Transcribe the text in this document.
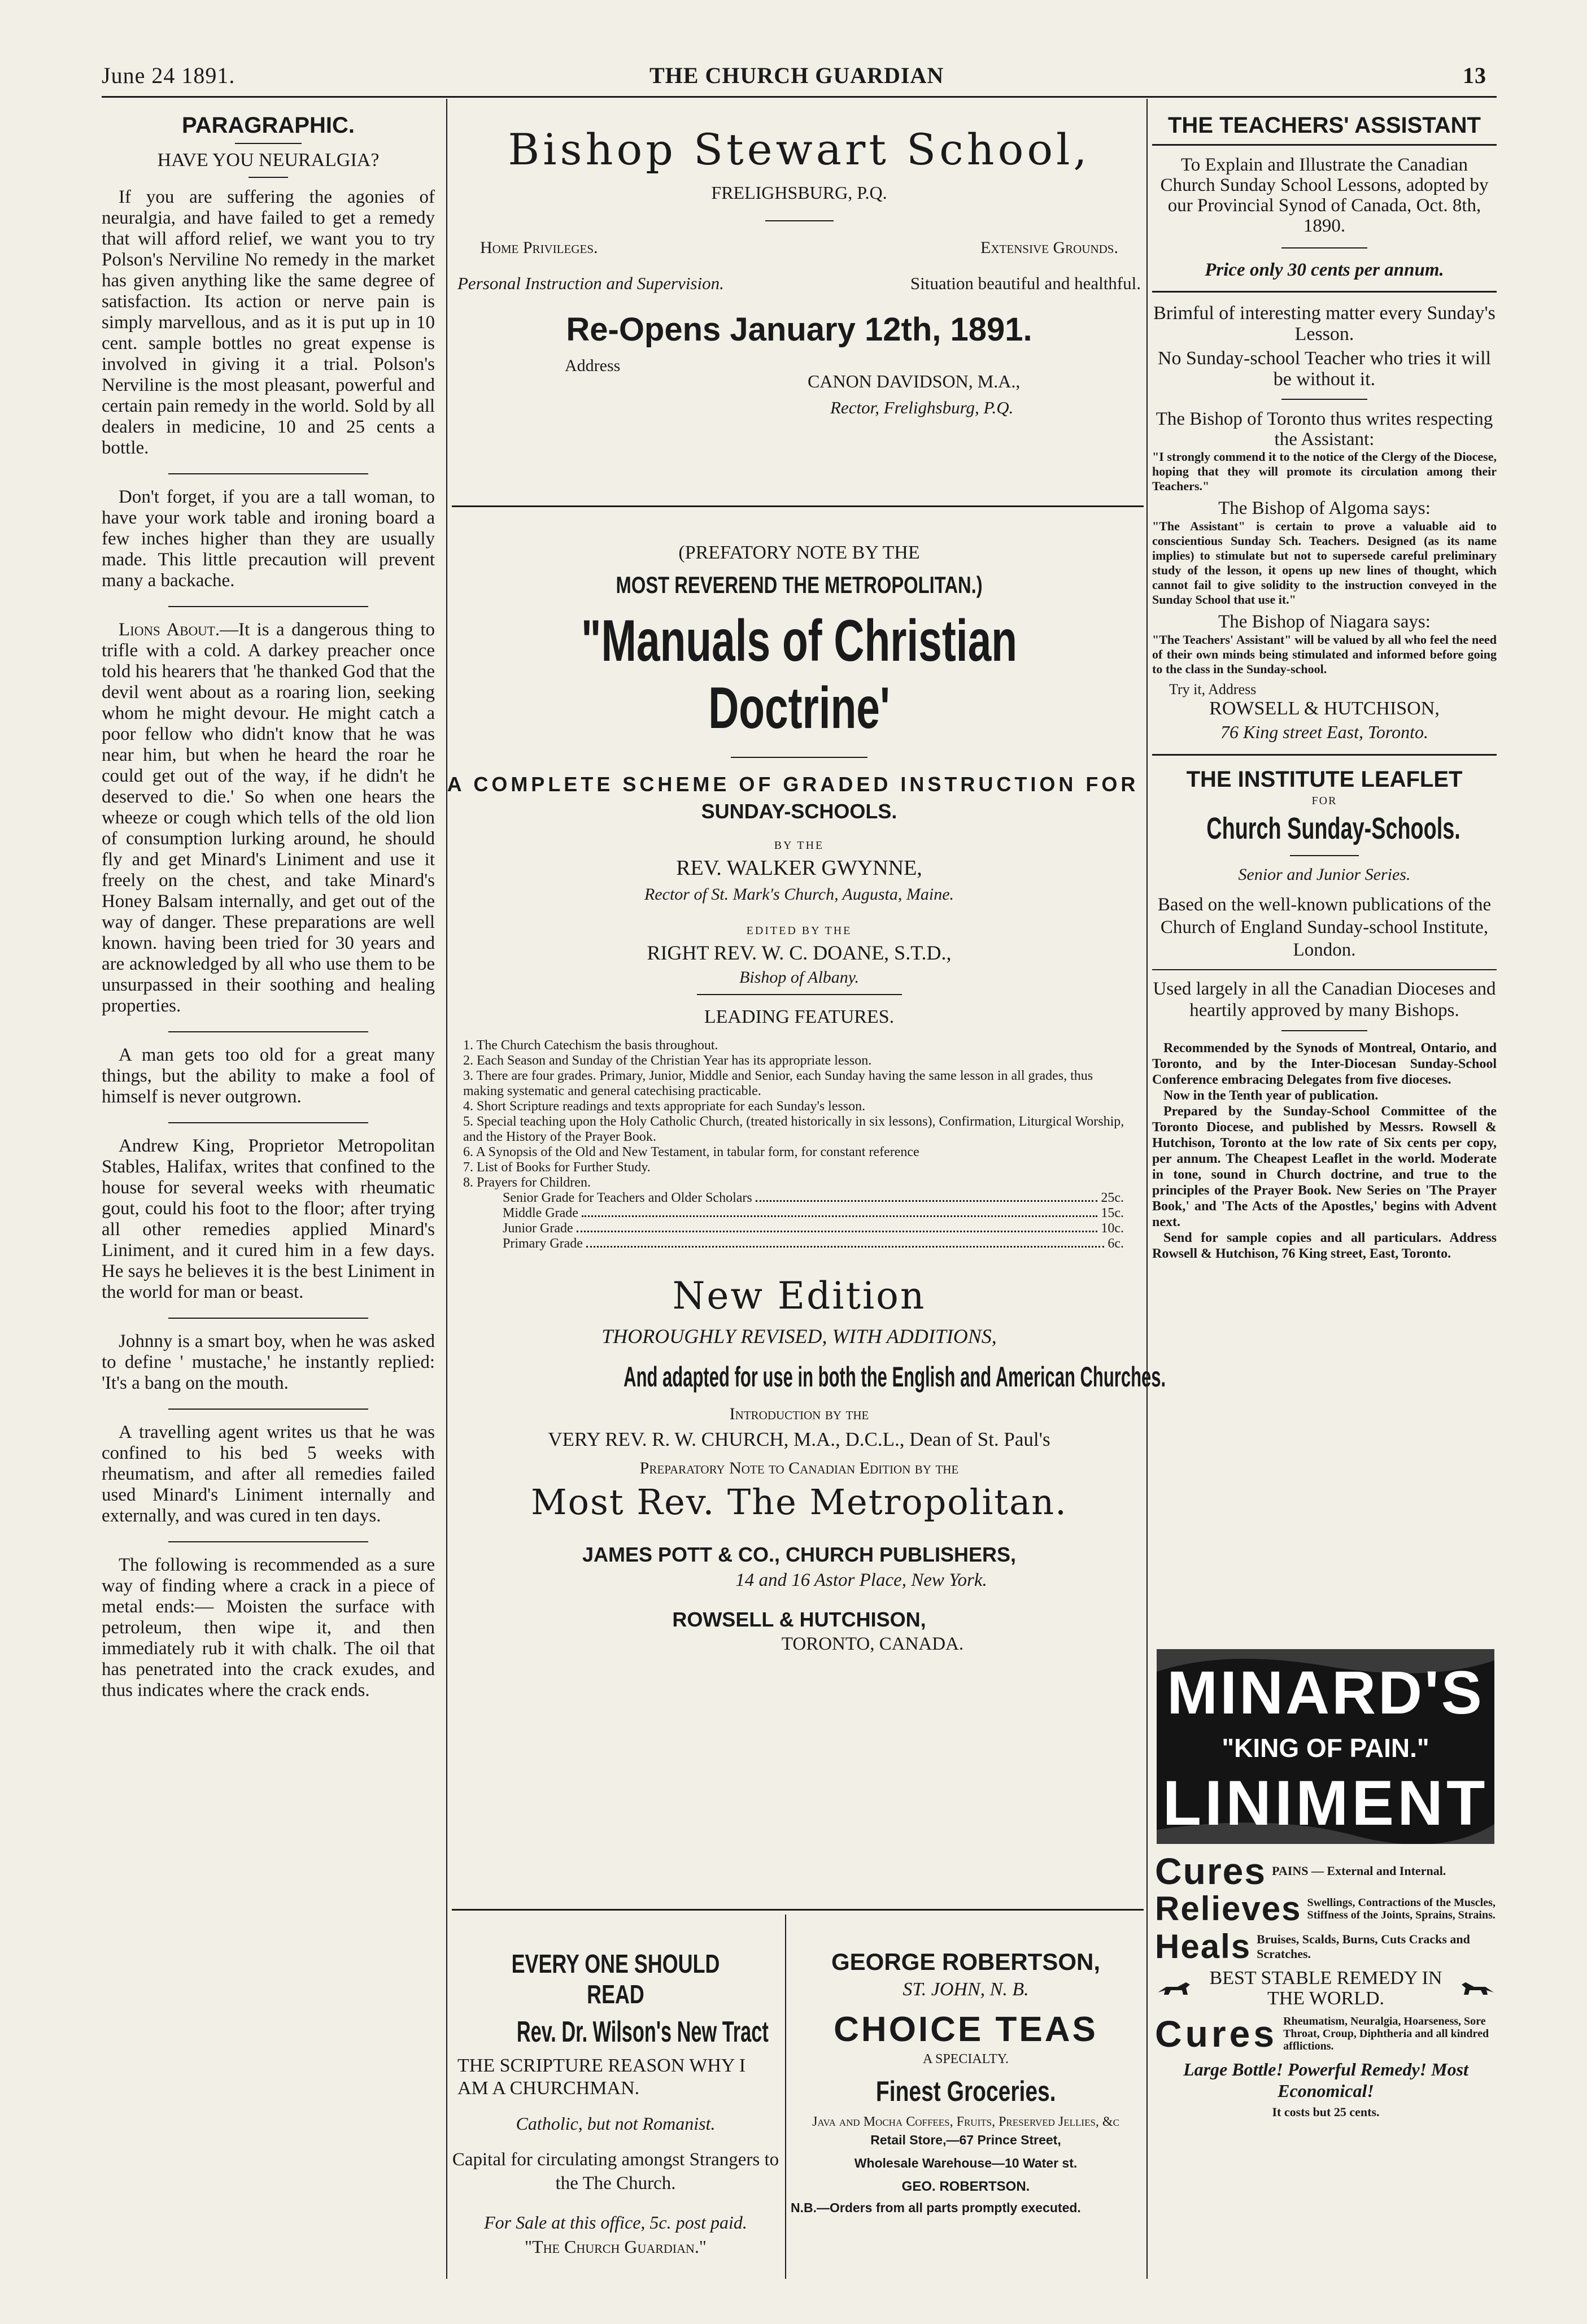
June 24 1891.	THE CHURCH GUARDIAN	13
PARAGRAPHIC.
HAVE YOU NEURALGIA?

If you are suffering the agonies of neuralgia, and have failed to get a remedy that will afford relief, we want you to try Polson's Nerviline No remedy in the market has given anything like the same degree of satisfaction. Its action or nerve pain is simply marvellous, and as it is put up in 10 cent. sample bottles no great expense is involved in giving it a trial. Polson's Nerviline is the most pleasant, powerful and certain pain remedy in the world. Sold by all dealers in medicine, 10 and 25 cents a bottle.

Don't forget, if you are a tall woman, to have your work table and ironing board a few inches higher than they are usually made. This little precaution will prevent many a backache.

Lions About.—It is a dangerous thing to trifle with a cold. A darkey preacher once told his hearers that 'he thanked God that the devil went about as a roaring lion, seeking whom he might devour. He might catch a poor fellow who didn't know that he was near him, but when he heard the roar he could get out of the way, if he didn't he deserved to die.' So when one hears the wheeze or cough which tells of the old lion of consumption lurking around, he should fly and get Minard's Liniment and use it freely on the chest, and take Minard's Honey Balsam internally, and get out of the way of danger. These preparations are well known. having been tried for 30 years and are acknowledged by all who use them to be unsurpassed in their soothing and healing properties.

A man gets too old for a great many things, but the ability to make a fool of himself is never outgrown.

Andrew King, Proprietor Metropolitan Stables, Halifax, writes that confined to the house for several weeks with rheumatic gout, could his foot to the floor; after trying all other remedies applied Minard's Liniment, and it cured him in a few days. He says he believes it is the best Liniment in the world for man or beast.

Johnny is a smart boy, when he was asked to define ' mustache,' he instantly replied: 'It's a bang on the mouth.

A travelling agent writes us that he was confined to his bed 5 weeks with rheumatism, and after all remedies failed used Minard's Liniment internally and externally, and was cured in ten days.

The following is recommended as a sure way of finding where a crack in a piece of metal ends:— Moisten the surface with petroleum, then wipe it, and then immediately rub it with chalk. The oil that has penetrated into the crack exudes, and thus indicates where the crack ends.

Bishop Stewart School,
FRELIGHSBURG, P.Q.
Home Privileges.	Extensive Grounds.
Personal Instruction and Supervision.	Situation beautiful and healthful.
Re-Opens January 12th, 1891.
Address
CANON DAVIDSON, M.A.,
Rector, Frelighsburg, P.Q.
(PREFATORY NOTE BY THE
MOST REVEREND THE METROPOLITAN.)
"Manuals of Christian Doctrine'
A COMPLETE SCHEME OF GRADED INSTRUCTION FOR
SUNDAY-SCHOOLS.
BY THE
REV. WALKER GWYNNE,
Rector of St. Mark's Church, Augusta, Maine.
EDITED BY THE
RIGHT REV. W. C. DOANE, S.T.D.,
Bishop of Albany.
LEADING FEATURES.
1. The Church Catechism the basis throughout.
2. Each Season and Sunday of the Christian Year has its appropriate lesson.
3. There are four grades. Primary, Junior, Middle and Senior, each Sunday having the same lesson in all grades, thus making systematic and general catechising practicable.
4. Short Scripture readings and texts appropriate for each Sunday's lesson.
5. Special teaching upon the Holy Catholic Church, (treated historically in six lessons), Confirmation, Liturgical Worship, and the History of the Prayer Book.
6. A Synopsis of the Old and New Testament, in tabular form, for constant reference
7. List of Books for Further Study.
8. Prayers for Children.
Senior Grade for Teachers and Older Scholars	25c.
Middle Grade	15c.
Junior Grade	10c.
Primary Grade	6c.
New Edition
THOROUGHLY REVISED, WITH ADDITIONS,
And adapted for use in both the English and American Churches.
Introduction by the
VERY REV. R. W. CHURCH, M.A., D.C.L., Dean of St. Paul's
Preparatory Note to Canadian Edition by the
Most Rev. The Metropolitan.
JAMES POTT & CO., CHURCH PUBLISHERS,
14 and 16 Astor Place, New York.
ROWSELL & HUTCHISON,
TORONTO, CANADA.
EVERY ONE SHOULD READ
Rev. Dr. Wilson's New Tract
THE SCRIPTURE REASON WHY I AM A CHURCHMAN.
Catholic, but not Romanist.
Capital for circulating amongst Strangers to the The Church.
For Sale at this office, 5c. post paid.
"The Church Guardian."
GEORGE ROBERTSON,
ST. JOHN, N. B.
CHOICE TEAS
A SPECIALTY.
Finest Groceries.
Java and Mocha Coffees, Fruits, Preserved Jellies, &c
Retail Store,—67 Prince Street,
Wholesale Warehouse—10 Water st.
GEO. ROBERTSON.
N.B.—Orders from all parts promptly executed.
THE TEACHERS' ASSISTANT
To Explain and Illustrate the Canadian Church Sunday School Lessons, adopted by our Provincial Synod of Canada, Oct. 8th, 1890.
Price only 30 cents per annum.
Brimful of interesting matter every Sunday's Lesson.
No Sunday-school Teacher who tries it will be without it.
The Bishop of Toronto thus writes respecting the Assistant:
"I strongly commend it to the notice of the Clergy of the Diocese, hoping that they will promote its circulation among their Teachers."
The Bishop of Algoma says:
"The Assistant" is certain to prove a valuable aid to conscientious Sunday Sch. Teachers. Designed (as its name implies) to stimulate but not to supersede careful preliminary study of the lesson, it opens up new lines of thought, which cannot fail to give solidity to the instruction conveyed in the Sunday School that use it."
The Bishop of Niagara says:
"The Teachers' Assistant" will be valued by all who feel the need of their own minds being stimulated and informed before going to the class in the Sunday-school.
Try it, Address
ROWSELL & HUTCHISON,
76 King street East, Toronto.
THE INSTITUTE LEAFLET
FOR
Church Sunday-Schools.
Senior and Junior Series.
Based on the well-known publications of the Church of England Sunday-school Institute, London.
Used largely in all the Canadian Dioceses and heartily approved by many Bishops.
Recommended by the Synods of Montreal, Ontario, and Toronto, and by the Inter-Diocesan Sunday-School Conference embracing Delegates from five dioceses.
Now in the Tenth year of publication.
Prepared by the Sunday-School Committee of the Toronto Diocese, and published by Messrs. Rowsell & Hutchison, Toronto at the low rate of Six cents per copy, per annum. The Cheapest Leaflet in the world. Moderate in tone, sound in Church doctrine, and true to the principles of the Prayer Book. New Series on 'The Prayer Book,' and 'The Acts of the Apostles,' begins with Advent next.
Send for sample copies and all particulars. Address Rowsell & Hutchison, 76 King street, East, Toronto.
MINARD'S
"KING OF PAIN."
LINIMENT
Cures PAINS — External and Internal.
Relieves Swellings, Contractions of the Muscles, Stiffness of the Joints, Sprains, Strains.
Heals Bruises, Scalds, Burns, Cuts Cracks and Scratches.
BEST STABLE REMEDY IN THE WORLD.
Cures Rheumatism, Neuralgia, Hoarseness, Sore Throat, Croup, Diphtheria and all kindred afflictions.
Large Bottle! Powerful Remedy! Most Economical!
It costs but 25 cents.
